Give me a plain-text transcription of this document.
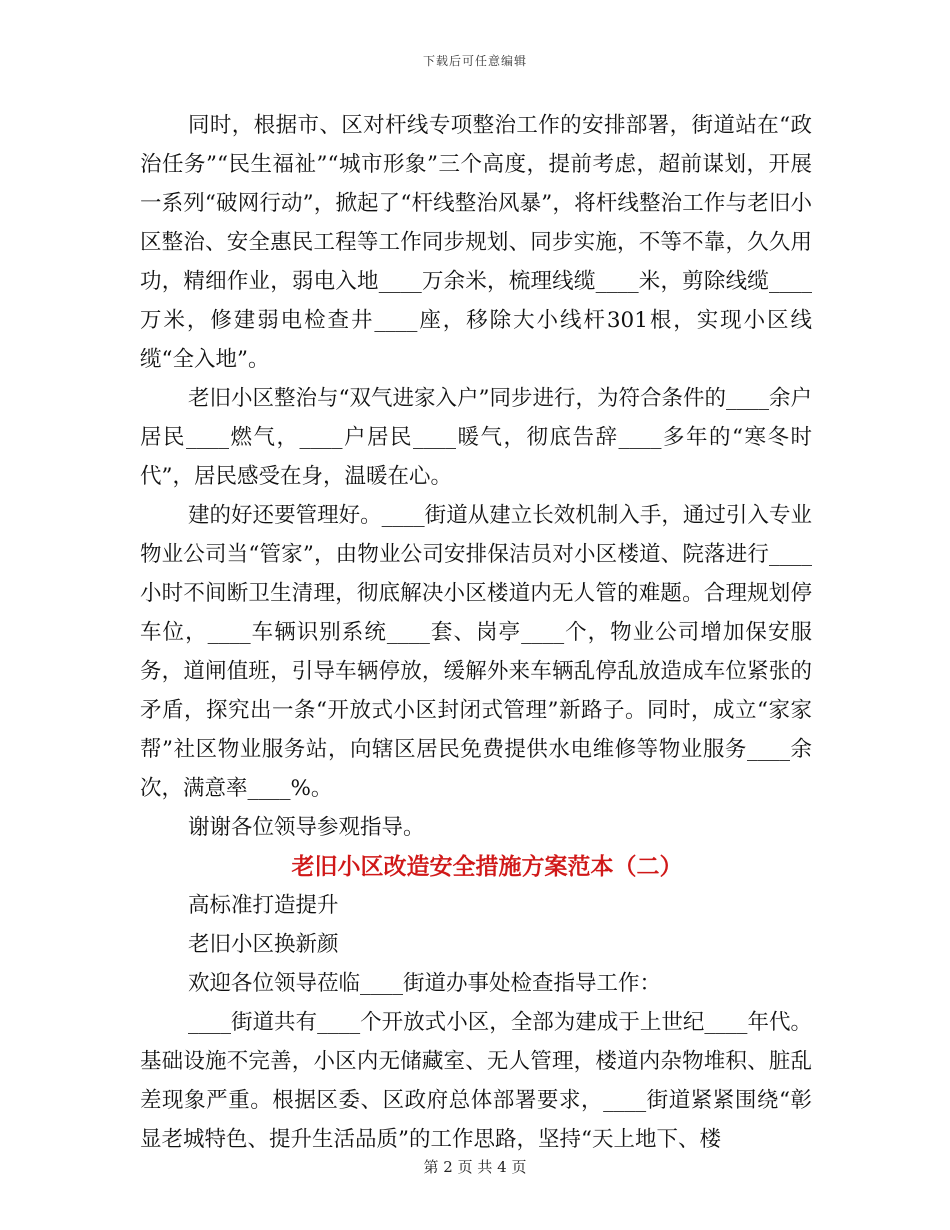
下载后可任意编辑

同时，根据市、区对杆线专项整治工作的安排部署，街道站在“政治任务”“民生福祉”“城市形象”三个高度，提前考虑，超前谋划，开展一系列“破网行动”，掀起了“杆线整治风暴”，将杆线整治工作与老旧小区整治、安全惠民工程等工作同步规划、同步实施，不等不靠，久久用功，精细作业，弱电入地____万余米，梳理线缆____米，剪除线缆____万米，修建弱电检查井____座，移除大小线杆301根，实现小区线缆“全入地”。

老旧小区整治与“双气进家入户”同步进行，为符合条件的____余户居民____燃气，____户居民____暖气，彻底告辞____多年的“寒冬时代”，居民感受在身，温暖在心。

建的好还要管理好。____街道从建立长效机制入手，通过引入专业物业公司当“管家”，由物业公司安排保洁员对小区楼道、院落进行____小时不间断卫生清理，彻底解决小区楼道内无人管的难题。合理规划停车位，____车辆识别系统____套、岗亭____个，物业公司增加保安服务，道闸值班，引导车辆停放，缓解外来车辆乱停乱放造成车位紧张的矛盾，探究出一条“开放式小区封闭式管理”新路子。同时，成立“家家帮”社区物业服务站，向辖区居民免费提供水电维修等物业服务____余次，满意率____%。

谢谢各位领导参观指导。

老旧小区改造安全措施方案范本（二）

高标准打造提升

老旧小区换新颜

欢迎各位领导莅临____街道办事处检查指导工作：

____街道共有____个开放式小区，全部为建成于上世纪____年代。基础设施不完善，小区内无储藏室、无人管理，楼道内杂物堆积、脏乱差现象严重。根据区委、区政府总体部署要求，____街道紧紧围绕“彰显老城特色、提升生活品质”的工作思路，坚持“天上地下、楼

第 2 页 共 4 页
